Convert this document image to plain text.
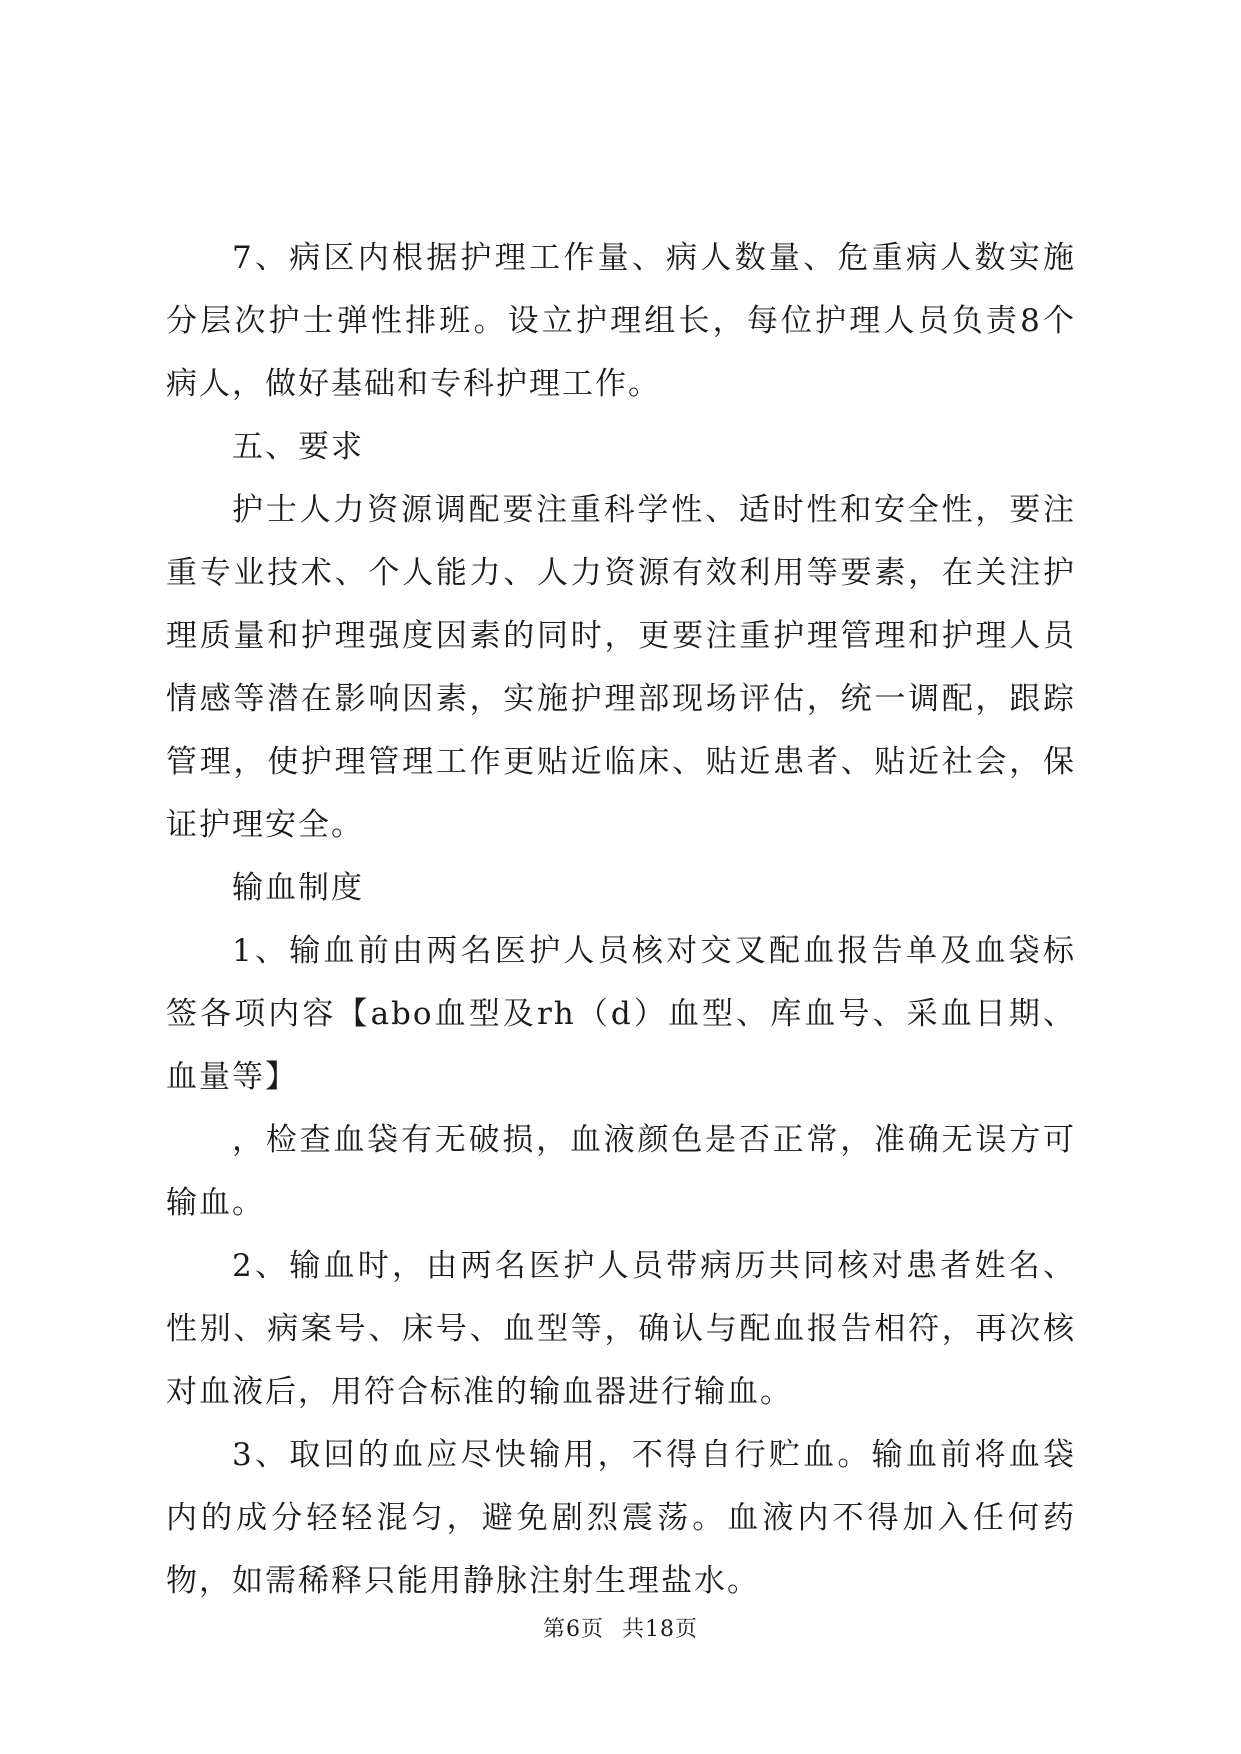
7、病区内根据护理工作量、病人数量、危重病人数实施分层次护士弹性排班。设立护理组长，每位护理人员负责8个病人，做好基础和专科护理工作。

五、要求

护士人力资源调配要注重科学性、适时性和安全性，要注重专业技术、个人能力、人力资源有效利用等要素，在关注护理质量和护理强度因素的同时，更要注重护理管理和护理人员情感等潜在影响因素，实施护理部现场评估，统一调配，跟踪管理，使护理管理工作更贴近临床、贴近患者、贴近社会，保证护理安全。

输血制度

1、输血前由两名医护人员核对交叉配血报告单及血袋标签各项内容【abo血型及rh（d）血型、库血号、采血日期、血量等】

，检查血袋有无破损，血液颜色是否正常，准确无误方可输血。

2、输血时，由两名医护人员带病历共同核对患者姓名、性别、病案号、床号、血型等，确认与配血报告相符，再次核对血液后，用符合标准的输血器进行输血。

3、取回的血应尽快输用，不得自行贮血。输血前将血袋内的成分轻轻混匀，避免剧烈震荡。血液内不得加入任何药物，如需稀释只能用静脉注射生理盐水。

第6页 共18页
